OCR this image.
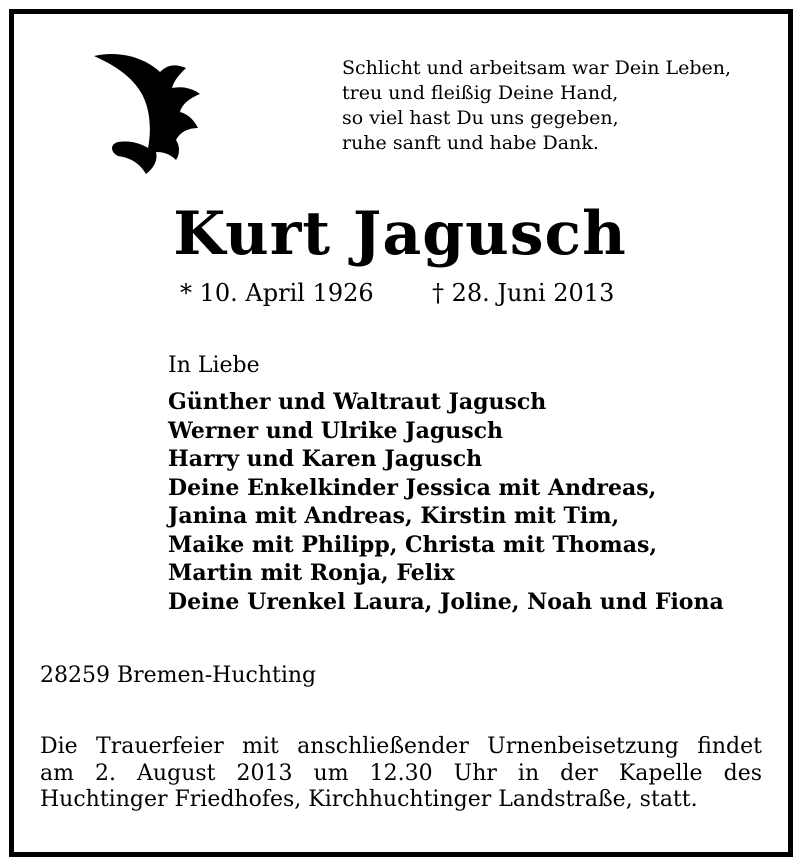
Schlicht und arbeitsam war Dein Leben,
treu und fleißig Deine Hand,
so viel hast Du uns gegeben,
ruhe sanft und habe Dank.
Kurt Jagusch
* 10. April 1926 † 28. Juni 2013
In Liebe
Günther und Waltraut Jagusch
Werner und Ulrike Jagusch
Harry und Karen Jagusch
Deine Enkelkinder Jessica mit Andreas,
Janina mit Andreas, Kirstin mit Tim,
Maike mit Philipp, Christa mit Thomas,
Martin mit Ronja, Felix
Deine Urenkel Laura, Joline, Noah und Fiona
28259 Bremen-Huchting
Die Trauerfeier mit anschließender Urnenbeisetzung findet
am 2. August 2013 um 12.30 Uhr in der Kapelle des
Huchtinger Friedhofes, Kirchhuchtinger Landstraße, statt.
